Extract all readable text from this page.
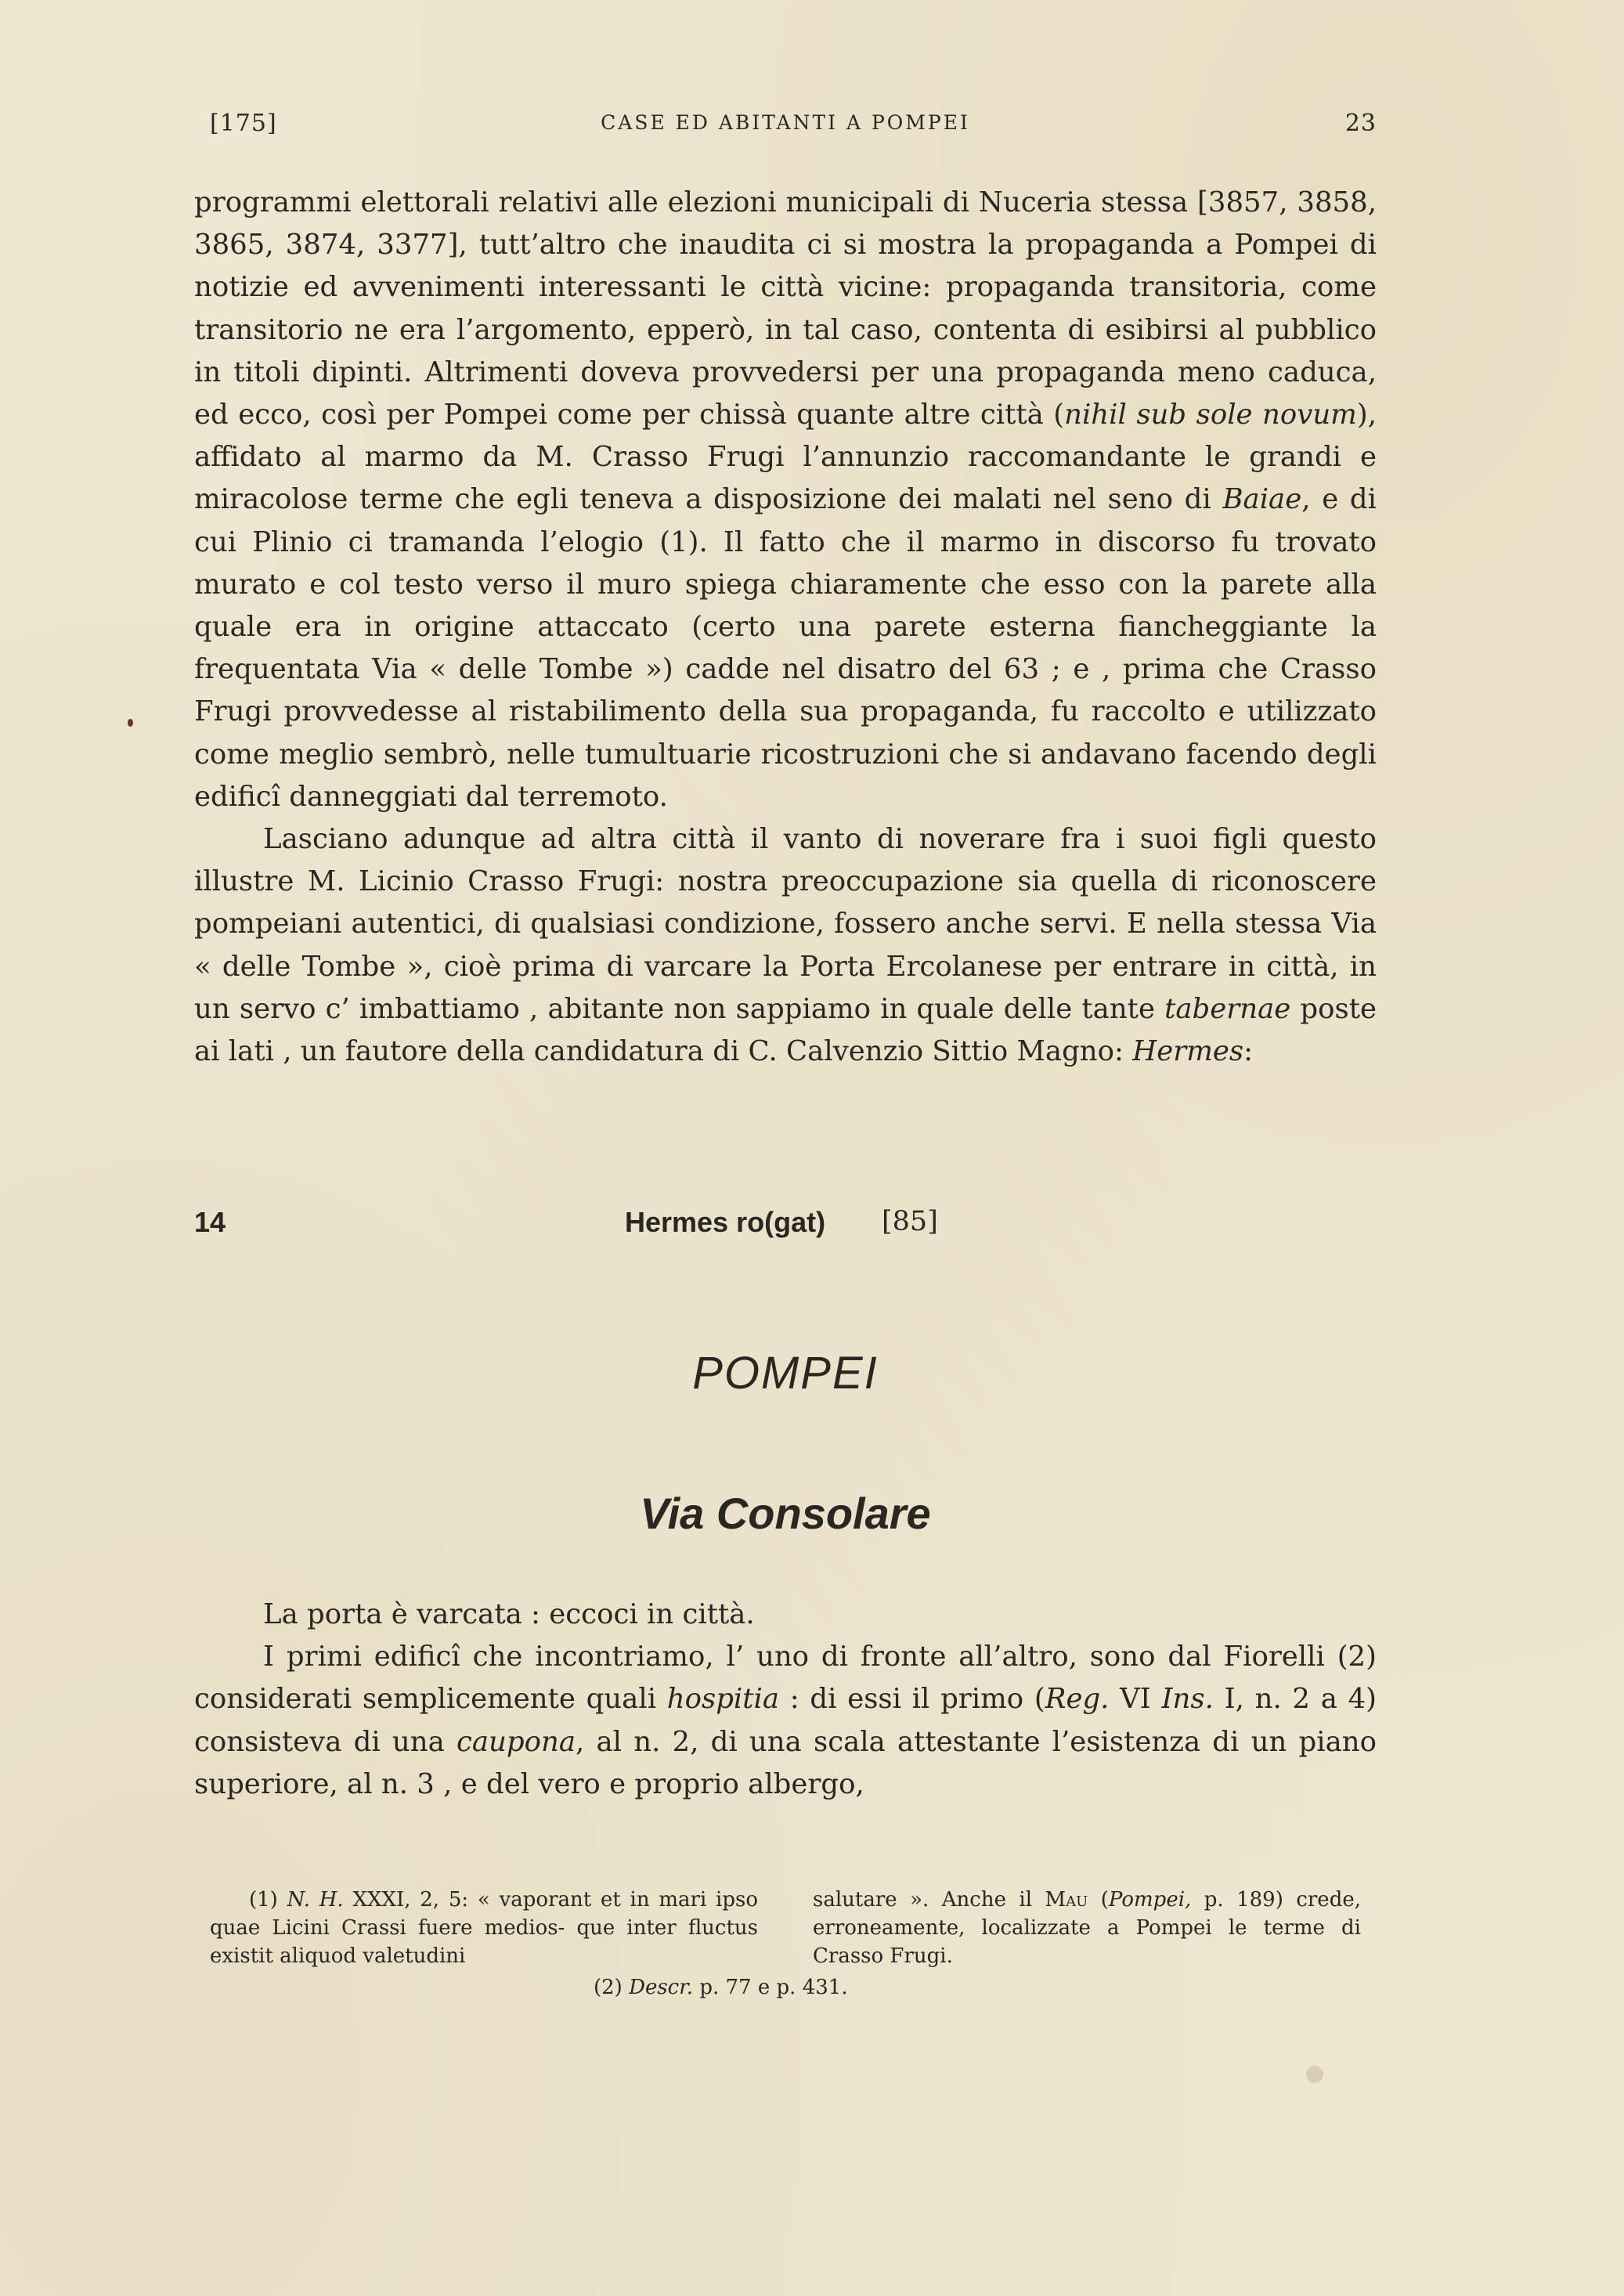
[175]	CASE ED ABITANTI A POMPEI	23

programmi elettorali relativi alle elezioni municipali di Nuceria stessa [3857, 3858, 3865, 3874, 3377], tutt’altro che inaudita ci si mostra la propaganda a Pompei di notizie ed avvenimenti interessanti le città vicine: propaganda transitoria, come transitorio ne era l’argomento, epperò, in tal caso, contenta di esibirsi al pubblico in titoli dipinti. Altrimenti doveva provvedersi per una propaganda meno caduca, ed ecco, così per Pompei come per chissà quante altre città (nihil sub sole novum), affidato al marmo da M. Crasso Frugi l’annunzio raccomandante le grandi e miracolose terme che egli teneva a disposizione dei malati nel seno di Baiae, e di cui Plinio ci tramanda l’elogio (1). Il fatto che il marmo in discorso fu trovato murato e col testo verso il muro spiega chiaramente che esso con la parete alla quale era in origine attaccato (certo una parete esterna fiancheggiante la frequentata Via « delle Tombe ») cadde nel disatro del 63 ; e , prima che Crasso Frugi provvedesse al ristabilimento della sua propaganda, fu raccolto e utilizzato come meglio sembrò, nelle tumultuarie ricostruzioni che si andavano facendo degli edificî danneggiati dal terremoto.

Lasciano adunque ad altra città il vanto di noverare fra i suoi figli questo illustre M. Licinio Crasso Frugi: nostra preoccupazione sia quella di riconoscere pompeiani autentici, di qualsiasi condizione, fossero anche servi. E nella stessa Via « delle Tombe », cioè prima di varcare la Porta Ercolanese per entrare in città, in un servo c’ imbattiamo , abitante non sappiamo in quale delle tante tabernae poste ai lati , un fautore della candidatura di C. Calvenzio Sittio Magno: Hermes:

14	Hermes ro(gat) [85]
POMPEI
Via Consolare

La porta è varcata : eccoci in città.

I primi edificî che incontriamo, l’ uno di fronte all’altro, sono dal Fiorelli (2) considerati semplicemente quali hospitia : di essi il primo (Reg. VI Ins. I, n. 2 a 4) consisteva di una caupona, al n. 2, di una scala attestante l’esistenza di un piano superiore, al n. 3 , e del vero e proprio albergo,

(1) N. H. XXXI, 2, 5: « vaporant et in mari ipso quae Licini Crassi fuere medios- que inter fluctus existit aliquod valetudini

salutare ». Anche il Mau (Pompei, p. 189) crede, erroneamente, localizzate a Pompei le terme di Crasso Frugi.

(2) Descr. p. 77 e p. 431.
